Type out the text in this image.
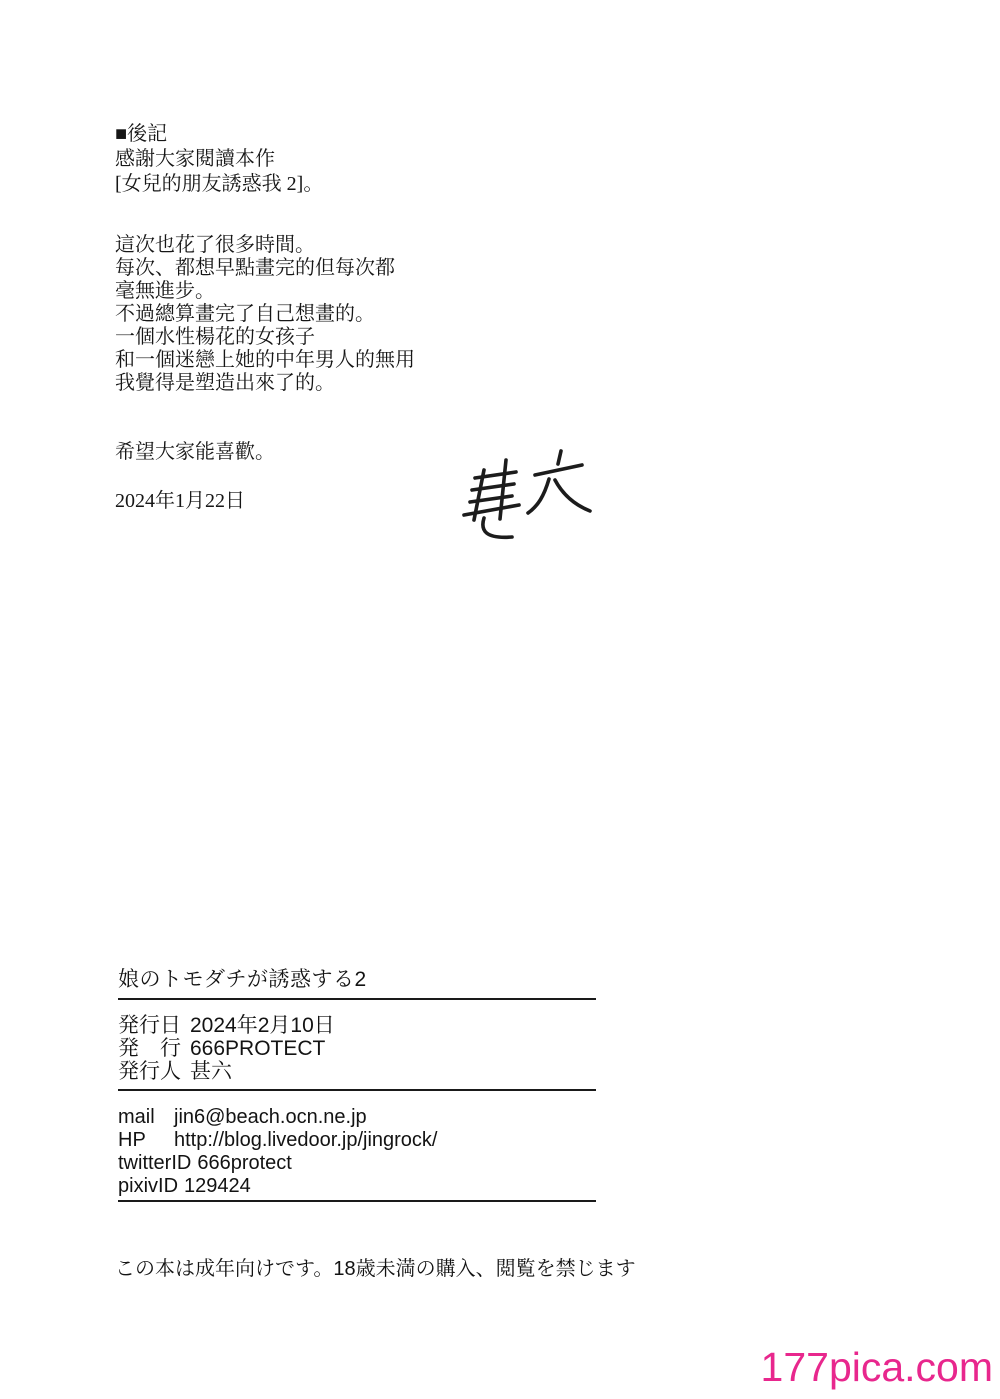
■後記
感謝大家閱讀本作
[女兒的朋友誘惑我 2]。
這次也花了很多時間。
每次、都想早點畫完的但每次都
毫無進步。
不過總算畫完了自己想畫的。
一個水性楊花的女孩子
和一個迷戀上她的中年男人的無用
我覺得是塑造出來了的。
希望大家能喜歡。
2024年1月22日
娘のトモダチが誘惑する2
発行日 2024年2月10日
発　行 666PROTECT
発行人 甚六
mail jin6@beach.ocn.ne.jp
HP http://blog.livedoor.jp/jingrock/
twitterID 666protect
pixivID 129424
この本は成年向けです。18歳未満の購入、閲覧を禁じます
177pica.com
